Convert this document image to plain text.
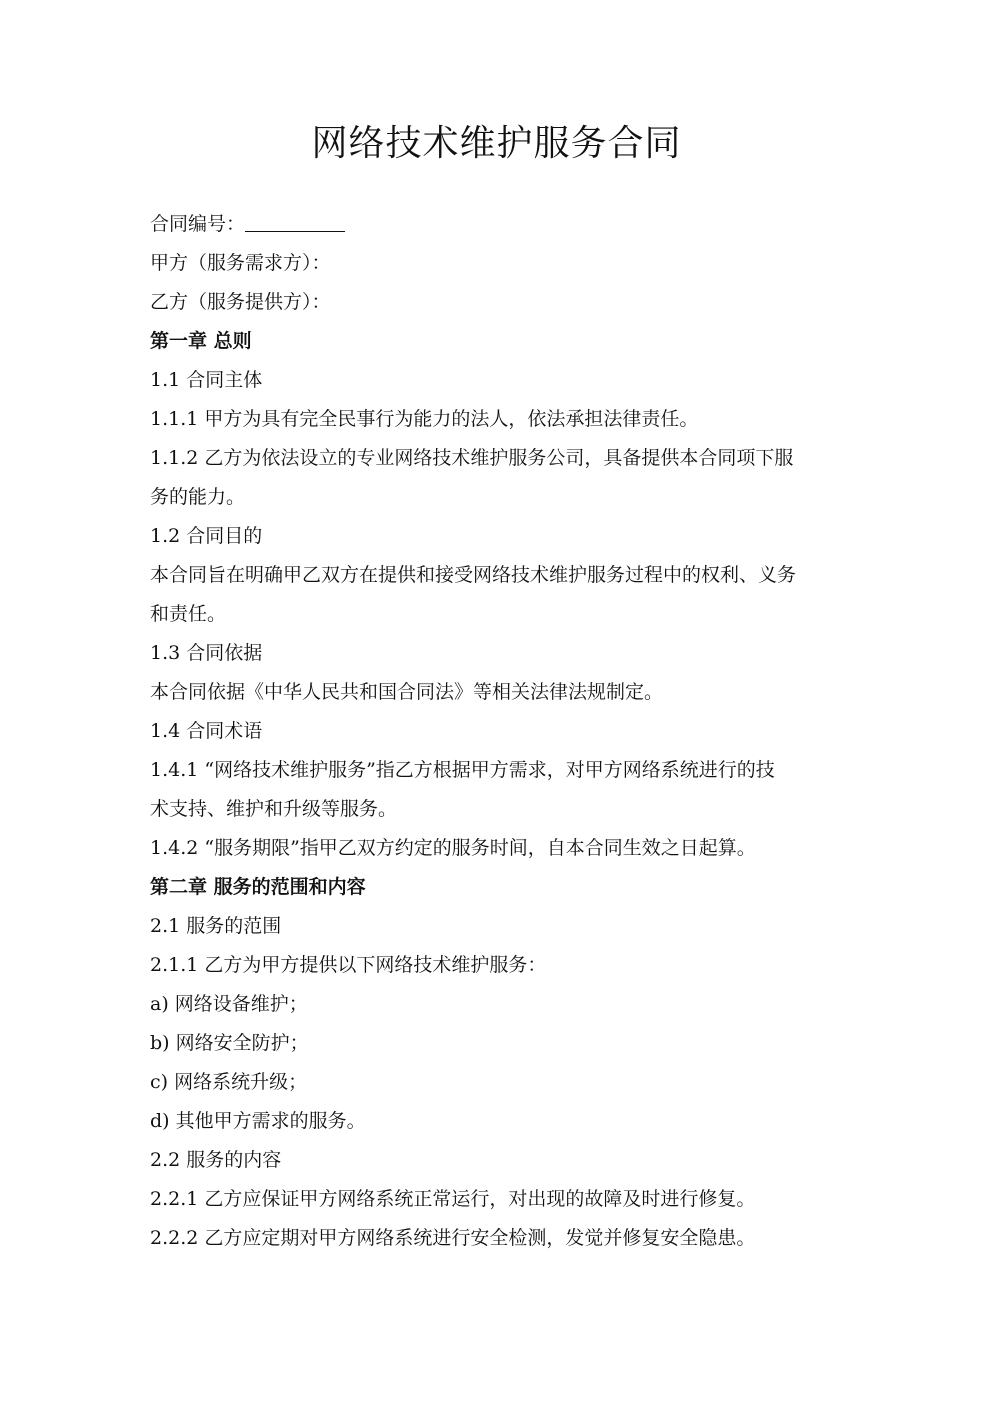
网络技术维护服务合同
合同编号：
甲方（服务需求方）：
乙方（服务提供方）：
第一章 总则
1.1 合同主体
1.1.1 甲方为具有完全民事行为能力的法人，依法承担法律责任。
1.1.2 乙方为依法设立的专业网络技术维护服务公司，具备提供本合同项下服
务的能力。
1.2 合同目的
本合同旨在明确甲乙双方在提供和接受网络技术维护服务过程中的权利、义务
和责任。
1.3 合同依据
本合同依据《中华人民共和国合同法》等相关法律法规制定。
1.4 合同术语
1.4.1 “网络技术维护服务”指乙方根据甲方需求，对甲方网络系统进行的技
术支持、维护和升级等服务。
1.4.2 “服务期限”指甲乙双方约定的服务时间，自本合同生效之日起算。
第二章 服务的范围和内容
2.1 服务的范围
2.1.1 乙方为甲方提供以下网络技术维护服务：
a) 网络设备维护；
b) 网络安全防护；
c) 网络系统升级；
d) 其他甲方需求的服务。
2.2 服务的内容
2.2.1 乙方应保证甲方网络系统正常运行，对出现的故障及时进行修复。
2.2.2 乙方应定期对甲方网络系统进行安全检测，发觉并修复安全隐患。
